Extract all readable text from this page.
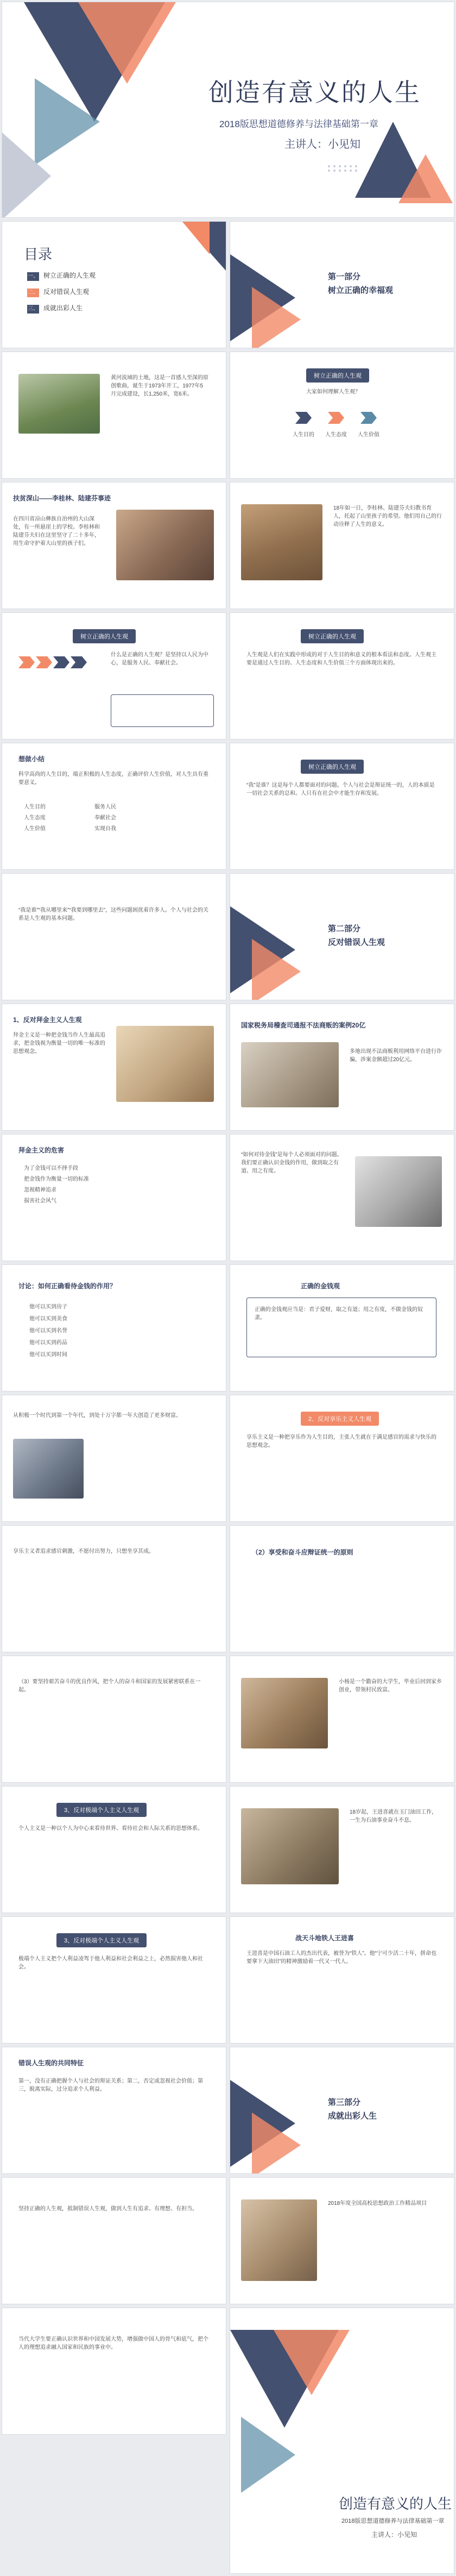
创造有意义的人生
2018版思想道德修养与法律基础第一章
主讲人：小见知
目录
一、 树立正确的人生观
二、 反对错误人生观
三、 成就出彩人生
第一部分
树立正确的幸福观
黄河流域的土地，这是一首感人至深的原创歌曲，诞生于1973年开工，1977年5月完成建设，长1,250米，宽6米。
树立正确的人生观
大家如何理解人生观？
人生目的 人生态度 人生价值
扶贫深山——李桂林、陆建芬事迹
在四川省凉山彝族自治州的大山深处，有一所悬崖上的学校。李桂林和陆建芬夫妇在这里坚守了二十多年，用生命守护着大山里的孩子们。
18年如一日，李桂林、陆建芬夫妇教书育人，托起了山里孩子的希望。他们用自己的行动诠释了人生的意义。
树立正确的人生观
什么是正确的人生观？是坚持以人民为中心，是服务人民、奉献社会。
树立正确的人生观
人生观是人们在实践中形成的对于人生目的和意义的根本看法和态度。人生观主要是通过人生目的、人生态度和人生价值三个方面体现出来的。
想做小结
科学高尚的人生目的，端正积极的人生态度，正确评价人生价值，对人生具有重要意义。
人生目的
人生态度
人生价值
服务人民
奉献社会
实现自我
树立正确的人生观
“我”是谁？这是每个人都要面对的问题。个人与社会是辩证统一的，人的本质是一切社会关系的总和。人只有在社会中才能生存和发展。
“我是谁”“我从哪里来”“我要到哪里去”，这些问题困扰着许多人。个人与社会的关系是人生观的基本问题。
第二部分
反对错误人生观
1、反对拜金主义人生观
拜金主义是一种把金钱当作人生最高追求，把金钱视为衡量一切的唯一标准的思想观念。
国家税务局稽查司通报不法商贩的案例20亿
多地出现不法商贩利用网络平台进行诈骗，涉案金额超过20亿元。
拜金主义的危害
为了金钱可以不择手段
把金钱作为衡量一切的标准
忽视精神追求
损害社会风气
“如何对待金钱”是每个人必须面对的问题。我们要正确认识金钱的作用，做到取之有道、用之有度。
讨论：如何正确看待金钱的作用？
他可以买到房子
他可以买到美食
他可以买到名誉
他可以买到药品
他可以买到时间
正确的金钱观
正确的金钱观应当是：君子爱财，取之有道；用之有度，不做金钱的奴隶。
从积极一个时代到第一个年代，到处十万字都一年大创造了更多财富。
2、反对享乐主义人生观
享乐主义是一种把享乐作为人生目的，主张人生就在于满足感官的需求与快乐的思想观念。
享乐主义者追求感官刺激，不愿付出努力，只想坐享其成。	（2）享受和奋斗应辩证统一的原则
（3）要坚持艰苦奋斗的优良作风，把个人的奋斗和国家的发展紧密联系在一起。
小杨是一个勤奋的大学生，毕业后回到家乡创业，带领村民致富。
3、反对极端个人主义人生观
个人主义是一种以个人为中心来看待世界、看待社会和人际关系的思想体系。
18岁起，王进喜就在玉门油田工作，一生为石油事业奋斗不息。
3、反对极端个人主义人生观
极端个人主义把个人利益凌驾于他人利益和社会利益之上，必然损害他人和社会。
战天斗地铁人王进喜
王进喜是中国石油工人的杰出代表，被誉为“铁人”。他“宁可少活二十年，拼命也要拿下大油田”的精神激励着一代又一代人。
错误人生观的共同特征
第一，没有正确把握个人与社会的辩证关系；第二，否定或忽视社会价值；第三，脱离实际，过分追求个人利益。
第三部分
成就出彩人生
坚持正确的人生观，抵制错误人生观，做到人生有追求、有理想、有担当。
2018年度全国高校思想政治工作精品项目
当代大学生要正确认识世界和中国发展大势，增强做中国人的骨气和底气，把个人的理想追求融入国家和民族的事业中。
创造有意义的人生
2018版思想道德修养与法律基础第一章
主讲人：小见知
